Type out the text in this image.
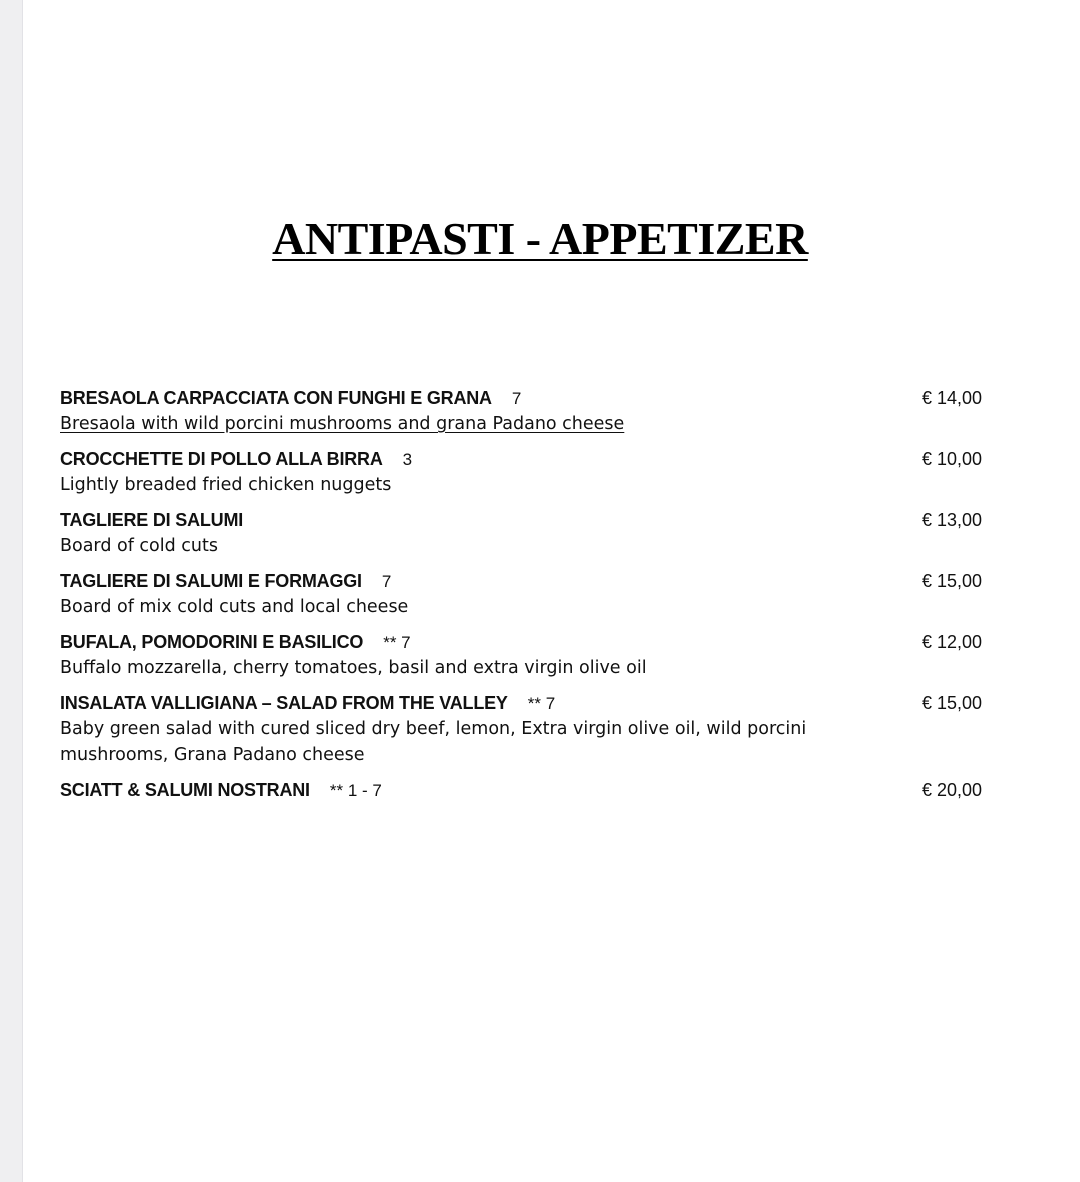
ANTIPASTI - APPETIZER
BRESAOLA CARPACCIATA CON FUNGHI E GRANA 7	€ 14,00
Bresaola with wild porcini mushrooms and grana Padano cheese
CROCCHETTE DI POLLO ALLA BIRRA 3	€ 10,00
Lightly breaded fried chicken nuggets
TAGLIERE DI SALUMI	€ 13,00
Board of cold cuts
TAGLIERE DI SALUMI E FORMAGGI 7	€ 15,00
Board of mix cold cuts and local cheese
BUFALA, POMODORINI E BASILICO ** 7	€ 12,00
Buffalo mozzarella, cherry tomatoes, basil and extra virgin olive oil
INSALATA VALLIGIANA – SALAD FROM THE VALLEY ** 7	€ 15,00
Baby green salad with cured sliced dry beef, lemon, Extra virgin olive oil, wild porcini mushrooms, Grana Padano cheese
SCIATT & SALUMI NOSTRANI ** 1 - 7	€ 20,00
